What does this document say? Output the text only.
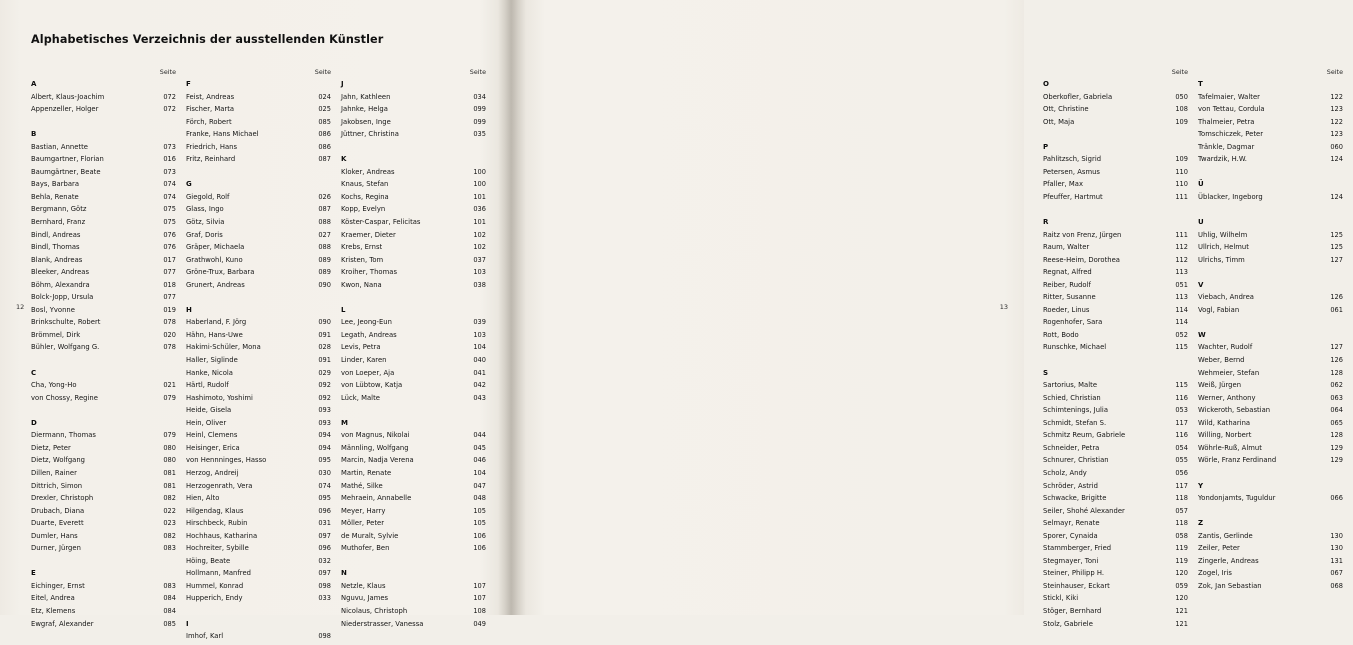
Alphabetisches Verzeichnis der ausstellenden Künstler
12
Seite
A
Albert, Klaus-Joachim	072
Appenzeller, Holger	072
B
Bastian, Annette	073
Baumgartner, Florian	016
Baumgärtner, Beate	073
Bays, Barbara	074
Behla, Renate	074
Bergmann, Götz	075
Bernhard, Franz	075
Bindl, Andreas	076
Bindl, Thomas	076
Blank, Andreas	017
Bleeker, Andreas	077
Böhm, Alexandra	018
Bolck-Jopp, Ursula	077
Bosl, Yvonne	019
Brinkschulte, Robert	078
Brömmel, Dirk	020
Bühler, Wolfgang G.	078
C
Cha, Yong-Ho	021
von Chossy, Regine	079
D
Diermann, Thomas	079
Dietz, Peter	080
Dietz, Wolfgang	080
Dillen, Rainer	081
Dittrich, Simon	081
Drexler, Christoph	082
Drubach, Diana	022
Duarte, Everett	023
Dumler, Hans	082
Durner, Jürgen	083
E
Eichinger, Ernst	083
Eitel, Andrea	084
Etz, Klemens	084
Ewgraf, Alexander	085
Seite
F
Feist, Andreas	024
Fischer, Marta	025
Förch, Robert	085
Franke, Hans Michael	086
Friedrich, Hans	086
Fritz, Reinhard	087
G
Giegold, Rolf	026
Glass, Ingo	087
Götz, Silvia	088
Graf, Doris	027
Gräper, Michaela	088
Grathwohl, Kuno	089
Gröne-Trux, Barbara	089
Grunert, Andreas	090
H
Haberland, F. Jörg	090
Hähn, Hans-Uwe	091
Hakimi-Schüler, Mona	028
Haller, Siglinde	091
Hanke, Nicola	029
Härtl, Rudolf	092
Hashimoto, Yoshimi	092
Heide, Gisela	093
Hein, Oliver	093
Heinl, Clemens	094
Heisinger, Erica	094
von Hennninges, Hasso	095
Herzog, Andreij	030
Herzogenrath, Vera	074
Hien, Alto	095
Hilgendag, Klaus	096
Hirschbeck, Rubin	031
Hochhaus, Katharina	097
Hochreiter, Sybille	096
Höing, Beate	032
Hollmann, Manfred	097
Hummel, Konrad	098
Hupperich, Endy	033
I
Imhof, Karl	098
Seite
J
Jahn, Kathleen	034
Jahnke, Helga	099
Jakobsen, Inge	099
Jüttner, Christina	035
K
Kloker, Andreas	100
Knaus, Stefan	100
Kochs, Regina	101
Kopp, Evelyn	036
Köster-Caspar, Felicitas	101
Kraemer, Dieter	102
Krebs, Ernst	102
Kristen, Tom	037
Kroiher, Thomas	103
Kwon, Nana	038
L
Lee, Jeong-Eun	039
Legath, Andreas	103
Levis, Petra	104
Linder, Karen	040
von Loeper, Aja	041
von Lübtow, Katja	042
Lück, Malte	043
M
von Magnus, Nikolai	044
Männling, Wolfgang	045
Marcin, Nadja Verena	046
Martin, Renate	104
Mathé, Silke	047
Mehraein, Annabelle	048
Meyer, Harry	105
Möller, Peter	105
de Muralt, Sylvie	106
Muthofer, Ben	106
N
Netzle, Klaus	107
Nguvu, James	107
Nicolaus, Christoph	108
Niederstrasser, Vanessa	049
13
Seite
O
Oberkofler, Gabriela	050
Ott, Christine	108
Ott, Maja	109
P
Pahlitzsch, Sigrid	109
Petersen, Asmus	110
Pfaller, Max	110
Pfeuffer, Hartmut	111
R
Raitz von Frenz, Jürgen	111
Raum, Walter	112
Reese-Heim, Dorothea	112
Regnat, Alfred	113
Reiber, Rudolf	051
Ritter, Susanne	113
Roeder, Linus	114
Rogenhofer, Sara	114
Rott, Bodo	052
Runschke, Michael	115
S
Sartorius, Malte	115
Schied, Christian	116
Schimtenings, Julia	053
Schmidt, Stefan S.	117
Schmitz Reum, Gabriele	116
Schneider, Petra	054
Schnurer, Christian	055
Scholz, Andy	056
Schröder, Astrid	117
Schwacke, Brigitte	118
Seiler, Shohé Alexander	057
Selmayr, Renate	118
Sporer, Cynaida	058
Stammberger, Fried	119
Stegmayer, Toni	119
Steiner, Philipp H.	120
Steinhauser, Eckart	059
Stickl, Kiki	120
Stöger, Bernhard	121
Stolz, Gabriele	121
Seite
T
Tafelmaier, Walter	122
von Tettau, Cordula	123
Thalmeier, Petra	122
Tomschiczek, Peter	123
Tränkle, Dagmar	060
Twardzik, H.W.	124
Ü
Üblacker, Ingeborg	124
U
Uhlig, Wilhelm	125
Ullrich, Helmut	125
Ulrichs, Timm	127
V
Viebach, Andrea	126
Vogl, Fabian	061
W
Wachter, Rudolf	127
Weber, Bernd	126
Wehmeier, Stefan	128
Weiß, Jürgen	062
Werner, Anthony	063
Wickeroth, Sebastian	064
Wild, Katharina	065
Willing, Norbert	128
Wöhrle-Ruß, Almut	129
Wörle, Franz Ferdinand	129
Y
Yondonjamts, Tuguldur	066
Z
Zantis, Gerlinde	130
Zeiler, Peter	130
Zingerle, Andreas	131
Zogel, Iris	067
Zok, Jan Sebastian	068
